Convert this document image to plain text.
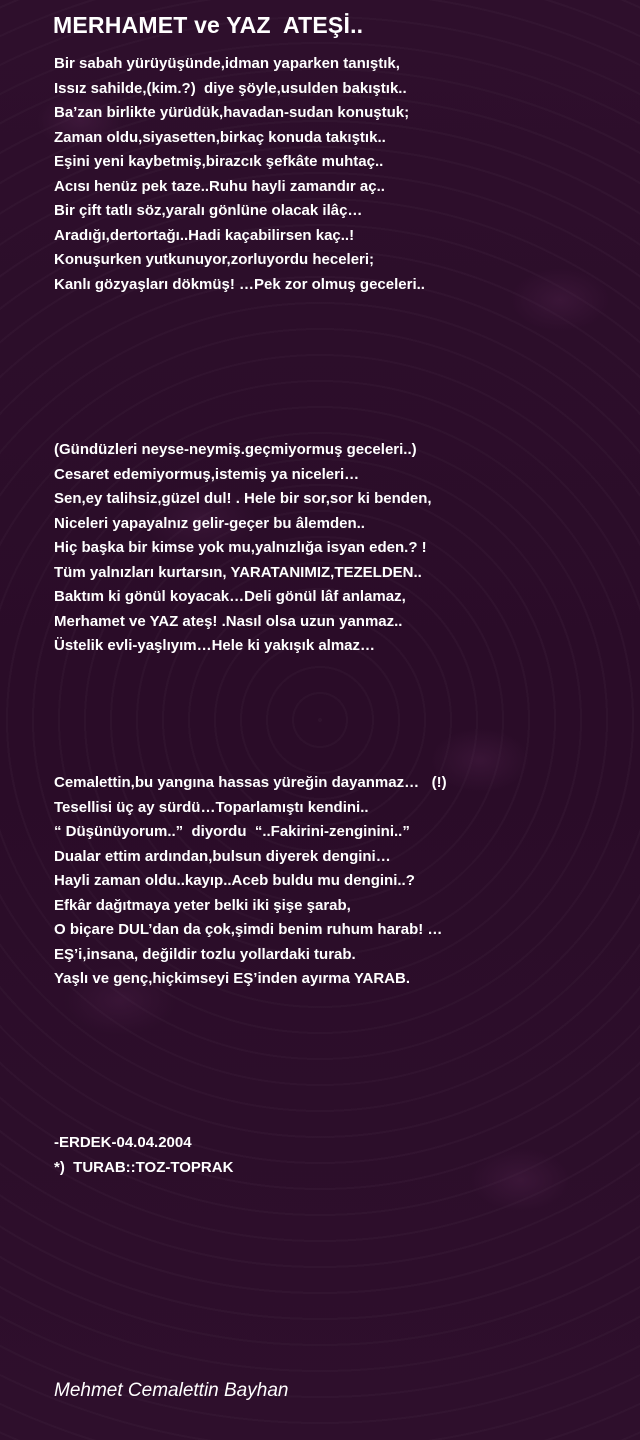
MERHAMET ve YAZ  ATEŞİ..
Bir sabah yürüyüşünde,idman yaparken tanıştık,
Issız sahilde,(kim.?)  diye şöyle,usulden bakıştık..
Ba’zan birlikte yürüdük,havadan-sudan konuştuk;
Zaman oldu,siyasetten,birkaç konuda takıştık..
Eşini yeni kaybetmiş,birazcık şefkâte muhtaç..
Acısı henüz pek taze..Ruhu hayli zamandır aç..
Bir çift tatlı söz,yaralı gönlüne olacak ilâç…
Aradığı,dertortağı..Hadi kaçabilirsen kaç..!
Konuşurken yutkunuyor,zorluyordu heceleri;
Kanlı gözyaşları dökmüş! …Pek zor olmuş geceleri..
(Gündüzleri neyse-neymiş.geçmiyormuş geceleri..)
Cesaret edemiyormuş,istemiş ya niceleri…
Sen,ey talihsiz,güzel dul! . Hele bir sor,sor ki benden,
Niceleri yapayalnız gelir-geçer bu âlemden..
Hiç başka bir kimse yok mu,yalnızlığa isyan eden.? !
Tüm yalnızları kurtarsın, YARATANIMIZ,TEZELDEN..
Baktım ki gönül koyacak…Deli gönül lâf anlamaz,
Merhamet ve YAZ ateş! .Nasıl olsa uzun yanmaz..
Üstelik evli-yaşlıyım…Hele ki yakışık almaz…
Cemalettin,bu yangına hassas yüreğin dayanmaz…   (!)
Tesellisi üç ay sürdü…Toparlamıştı kendini..
“ Düşünüyorum..”  diyordu  “..Fakirini-zenginini..”
Dualar ettim ardından,bulsun diyerek dengini…
Hayli zaman oldu..kayıp..Aceb buldu mu dengini..?
Efkâr dağıtmaya yeter belki iki şişe şarab,
O biçare DUL’dan da çok,şimdi benim ruhum harab! …
EŞ’i,insana, değildir tozlu yollardaki turab.
Yaşlı ve genç,hiçkimseyi EŞ’inden ayırma YARAB.
-ERDEK-04.04.2004
*)  TURAB::TOZ-TOPRAK
Mehmet Cemalettin Bayhan
